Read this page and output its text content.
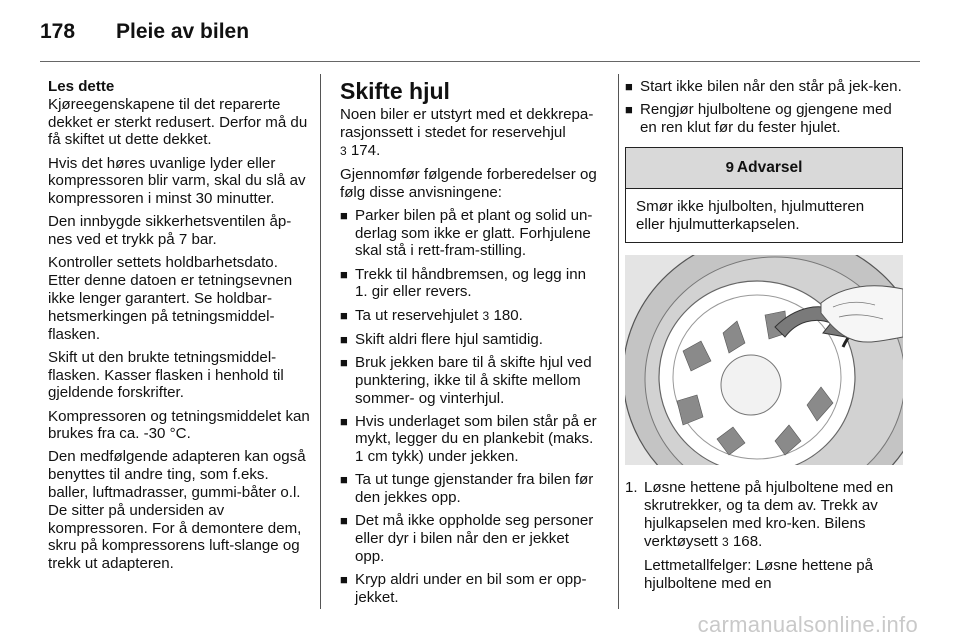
178 Pleie av bilen
Les dette

Kjøreegenskapene til det reparerte dekket er sterkt redusert. Derfor må du få skiftet ut dette dekket.

Hvis det høres uvanlige lyder eller kompressoren blir varm, skal du slå av kompressoren i minst 30 minutter.

Den innbygde sikkerhetsventilen åp-nes ved et trykk på 7 bar.

Kontroller settets holdbarhetsdato. Etter denne datoen er tetningsevnen ikke lenger garantert. Se holdbar-hetsmerkingen på tetningsmiddel-flasken.

Skift ut den brukte tetningsmiddel-flasken. Kasser flasken i henhold til gjeldende forskrifter.

Kompressoren og tetningsmiddelet kan brukes fra ca. -30 °C.

Den medfølgende adapteren kan også benyttes til andre ting, som f.eks. baller, luftmadrasser, gummi-båter o.l. De sitter på undersiden av kompressoren. For å demontere dem, skru på kompressorens luft-slange og trekk ut adapteren.

Skifte hjul

Noen biler er utstyrt med et dekkrepa-rasjonssett i stedet for reservehjul
3 174.

Gjennomfør følgende forberedelser og følg disse anvisningene:

■ Parker bilen på et plant og solid un-derlag som ikke er glatt. Forhjulene skal stå i rett-fram-stilling.
■ Trekk til håndbremsen, og legg inn 1. gir eller revers.
■ Ta ut reservehjulet 3 180.
■ Skift aldri flere hjul samtidig.
■ Bruk jekken bare til å skifte hjul ved punktering, ikke til å skifte mellom sommer- og vinterhjul.
■ Hvis underlaget som bilen står på er mykt, legger du en plankebit (maks. 1 cm tykk) under jekken.
■ Ta ut tunge gjenstander fra bilen før den jekkes opp.
■ Det må ikke oppholde seg personer eller dyr i bilen når den er jekket opp.
■ Kryp aldri under en bil som er opp-jekket.
■ Start ikke bilen når den står på jek-ken.
■ Rengjør hjulboltene og gjengene med en ren klut før du fester hjulet.
9 Advarsel
Smør ikke hjulbolten, hjulmutteren eller hjulmutterkapselen.
1. Løsne hettene på hjulboltene med en skrutrekker, og ta dem av. Trekk av hjulkapselen med kro-ken. Bilens verktøysett 3 168.

Lettmetallfelger: Løsne hettene på hjulboltene med en

carmanualsonline.info
